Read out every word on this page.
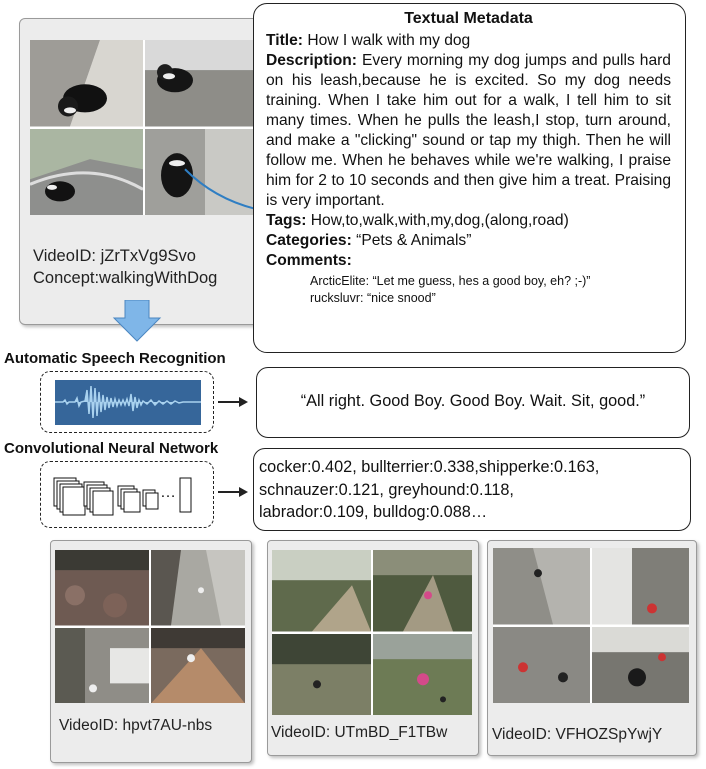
VideoID: jZrTxVg9Svo
Concept:walkingWithDog
Textual Metadata
Title: How I walk with my dog
Description: Every morning my dog jumps and pulls hard on his leash,because he is excited. So my dog needs training. When I take him out for a walk, I tell him to sit many times. When he pulls the leash,I stop, turn around, and make a "clicking" sound or tap my thigh. Then he will follow me. When he behaves while we're walking, I praise him for 2 to 10 seconds and then give him a treat. Praising is very important.
Tags: How,to,walk,with,my,dog,(along,road)
Categories: “Pets & Animals”
Comments:
ArcticElite: “Let me guess, hes a good boy, eh? ;-)”
rucksluvr: “nice snood”
Automatic Speech Recognition
“All right. Good Boy. Good Boy. Wait. Sit, good.”
Convolutional Neural Network
…
cocker:0.402, bullterrier:0.338,shipperke:0.163,
schnauzer:0.121, greyhound:0.118,
labrador:0.109, bulldog:0.088…
VideoID: hpvt7AU-nbs	VideoID: UTmBD_F1TBw	VideoID: VFHOZSpYwjY
